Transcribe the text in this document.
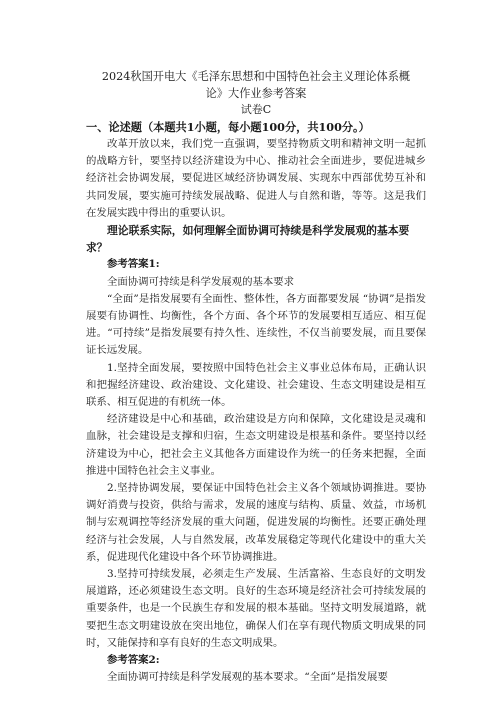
2024秋国开电大《毛泽东思想和中国特色社会主义理论体系概

论》大作业参考答案

试卷C

一、论述题（本题共1小题，每小题100分，共100分。）

改革开放以来，我们党一直强调，要坚持物质文明和精神文明一起抓的战略方针，要坚持以经济建设为中心、推动社会全面进步，要促进城乡经济社会协调发展，要促进区域经济协调发展、实现东中西部优势互补和共同发展，要实施可持续发展战略、促进人与自然和谐，等等。这是我们在发展实践中得出的重要认识。

理论联系实际，如何理解全面协调可持续是科学发展观的基本要求？

参考答案1:

全面协调可持续是科学发展观的基本要求

“全面”是指发展要有全面性、整体性，各方面都要发展 “协调”是指发展要有协调性、均衡性，各个方面、各个环节的发展要相互适应、相互促进。“可持续”是指发展要有持久性、连续性，不仅当前要发展，而且要保证长远发展。

1.坚持全面发展，要按照中国特色社会主义事业总体布局，正确认识和把握经济建设、政治建设、文化建设、社会建设、生态文明建设是相互联系、相互促进的有机统一体。

经济建设是中心和基础，政治建设是方向和保障，文化建设是灵魂和血脉，社会建设是支撑和归宿，生态文明建设是根基和条件。要坚持以经济建设为中心，把社会主义其他各方面建设作为统一的任务来把握，全面推进中国特色社会主义事业。

2.坚持协调发展，要保证中国特色社会主义各个领域协调推进。要协调好消费与投资，供给与需求，发展的速度与结构、质量、效益，市场机制与宏观调控等经济发展的重大问题，促进发展的均衡性。还要正确处理经济与社会发展，人与自然发展，改革发展稳定等现代化建设中的重大关系，促进现代化建设中各个环节协调推进。

3.坚持可持续发展，必须走生产发展、生活富裕、生态良好的文明发展道路，还必须建设生态文明。良好的生态环境是经济社会可持续发展的重要条件，也是一个民族生存和发展的根本基础。坚持文明发展道路，就要把生态文明建设放在突出地位，确保人们在享有现代物质文明成果的同时，又能保持和享有良好的生态文明成果。

参考答案2:

全面协调可持续是科学发展观的基本要求。“全面”是指发展要
